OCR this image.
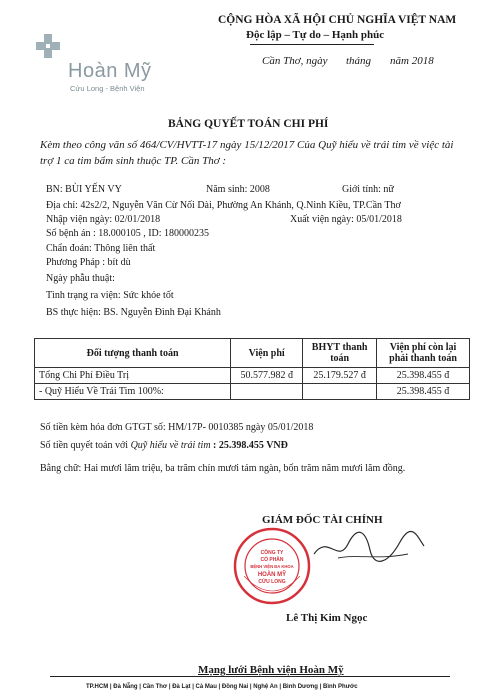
Hoàn Mỹ
Cửu Long - Bệnh Viện
CỘNG HÒA XÃ HỘI CHỦ NGHĨA VIỆT NAM
Độc lập – Tự do – Hạnh phúc
Cần Thơ, ngày tháng năm 2018
BẢNG QUYẾT TOÁN CHI PHÍ
Kèm theo công văn số 464/CV/HVTT-17 ngày 15/12/2017 Của Quỹ hiểu về trái tim về việc tài trợ 1 ca tim bẩm sinh thuộc TP. Cần Thơ :
BN: BÙI YẾN VY	Năm sinh: 2008	Giới tính: nữ
Địa chỉ: 42s2/2, Nguyễn Văn Cừ Nối Dài, Phường An Khánh, Q.Ninh Kiều, TP.Cần Thơ
Nhập viện ngày: 02/01/2018	Xuất viện ngày: 05/01/2018
Số bệnh án : 18.000105 , ID: 180000235
Chẩn đoán: Thông liên thất
Phương Pháp : bít dù
Ngày phẫu thuật:
Tình trạng ra viện: Sức khỏe tốt
BS thực hiện: BS. Nguyễn Đình Đại Khánh
Đối tượng thanh toán	Viện phí	BHYT thanh toán	Viện phí còn lại phải thanh toán
Tổng Chi Phí Điều Trị	50.577.982 đ	25.179.527 đ	25.398.455 đ
- Quỹ Hiểu Về Trái Tim 100%:			25.398.455 đ
Số tiền kèm hóa đơn GTGT số: HM/17P- 0010385 ngày 05/01/2018
Số tiền quyết toán với Quỹ hiểu về trái tim : 25.398.455 VNĐ
Bằng chữ: Hai mươi lăm triệu, ba trăm chín mươi tám ngàn, bốn trăm năm mươi lăm đồng.
GIÁM ĐỐC TÀI CHÍNH
CÔNG TY
CỔ PHẦN
BỆNH VIỆN ĐA KHOA
HOÀN MỸ
CỬU LONG
Lê Thị Kim Ngọc
Mạng lưới Bệnh viện Hoàn Mỹ
TP.HCM | Đà Nẵng | Cần Thơ | Đà Lạt | Cà Mau | Đồng Nai | Nghệ An | Bình Dương | Bình Phước
